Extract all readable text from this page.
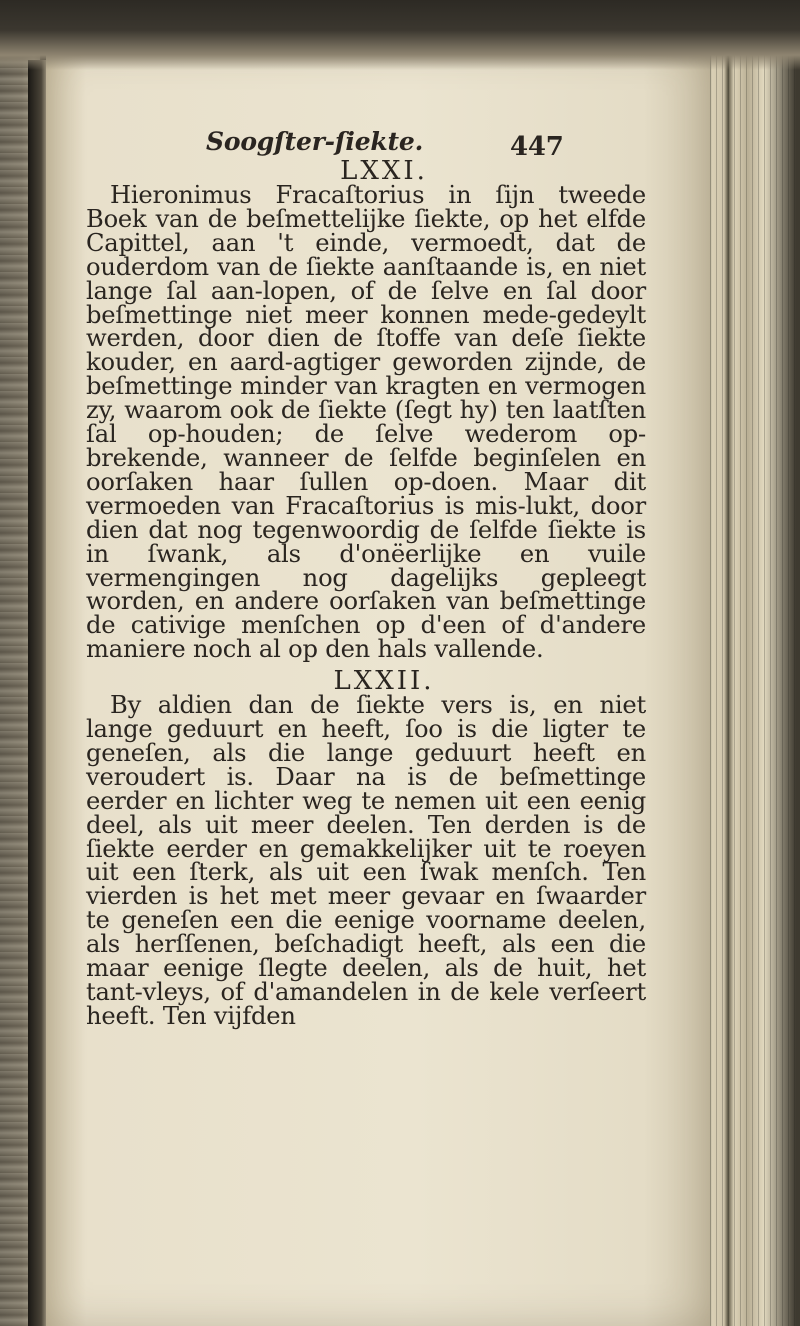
Soogſter-ſiekte.	447
LXXI.

Hieronimus Fracaſtorius in ſijn tweede Boek van de beſmettelijke ſiekte, op het elfde Capittel, aan 't einde, vermoedt, dat de ouderdom van de ſiekte aanſtaande is, en niet lange ſal aan-lopen, of de ſelve en ſal door beſmettinge niet meer konnen mede-gedeylt werden, door dien de ſtoffe van deſe ſiekte kouder, en aard-agtiger geworden zijnde, de beſmettinge minder van kragten en vermogen zy, waarom ook de ſiekte (ſegt hy) ten laatſten ſal op-houden; de ſelve wederom op-brekende, wanneer de ſelfde beginſelen en oorſaken haar ſullen op-doen. Maar dit vermoeden van Fracaſtorius is mis-lukt, door dien dat nog tegenwoordig de ſelfde ſiekte is in ſwank, als d'onëerlijke en vuile vermengingen nog dagelijks gepleegt worden, en andere oorſaken van beſmettinge de cativige menſchen op d'een of d'andere maniere noch al op den hals vallende.

LXXII.

By aldien dan de ſiekte vers is, en niet lange geduurt en heeft, ſoo is die ligter te geneſen, als die lange geduurt heeft en veroudert is. Daar na is de beſmettinge eerder en lichter weg te nemen uit een eenig deel, als uit meer deelen. Ten derden is de ſiekte eerder en gemakkelijker uit te roeyen uit een ſterk, als uit een ſwak menſch. Ten vierden is het met meer gevaar en ſwaarder te geneſen een die eenige voorname deelen, als herſſenen, beſchadigt heeft, als een die maar eenige ſlegte deelen, als de huit, het tant-vleys, of d'amandelen in de kele verſeert heeft. Ten vijfden
